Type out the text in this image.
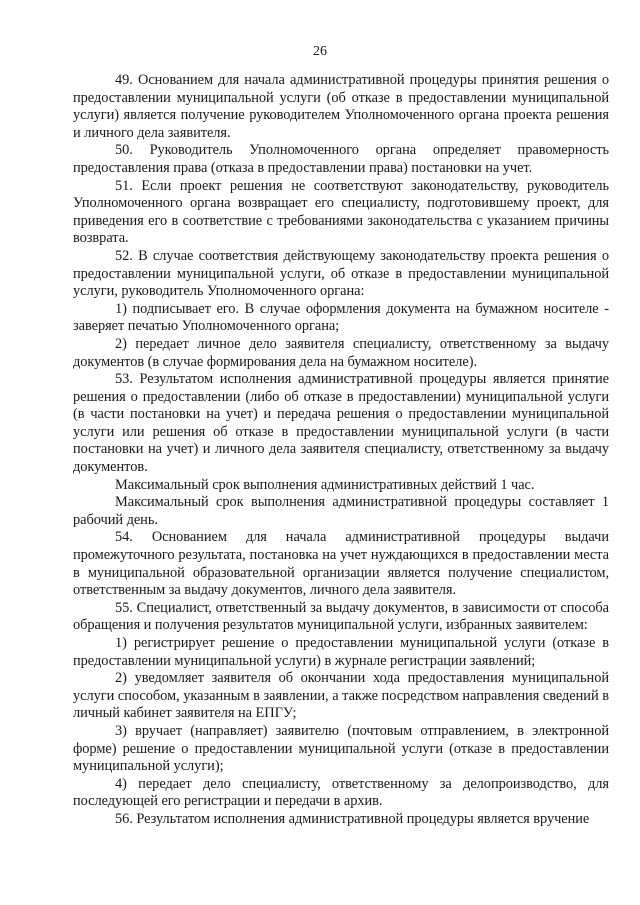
26

49. Основанием для начала административной процедуры принятия решения о предоставлении муниципальной услуги (об отказе в предоставлении муниципальной услуги) является получение руководителем Уполномоченного органа проекта решения и личного дела заявителя.

50. Руководитель Уполномоченного органа определяет правомерность предоставления права (отказа в предоставлении права) постановки на учет.

51. Если проект решения не соответствуют законодательству, руководитель Уполномоченного органа возвращает его специалисту, подготовившему проект, для приведения его в соответствие с требованиями законодательства с указанием причины возврата.

52. В случае соответствия действующему законодательству проекта решения о предоставлении муниципальной услуги, об отказе в предоставлении муниципальной услуги, руководитель Уполномоченного органа:

1) подписывает его. В случае оформления документа на бумажном носителе - заверяет печатью Уполномоченного органа;

2) передает личное дело заявителя специалисту, ответственному за выдачу документов (в случае формирования дела на бумажном носителе).

53. Результатом исполнения административной процедуры является принятие решения о предоставлении (либо об отказе в предоставлении) муниципальной услуги (в части постановки на учет) и передача решения о предоставлении муниципальной услуги или решения об отказе в предоставлении муниципальной услуги (в части постановки на учет) и личного дела заявителя специалисту, ответственному за выдачу документов.

Максимальный срок выполнения административных действий 1 час.

Максимальный срок выполнения административной процедуры составляет 1 рабочий день.

54. Основанием для начала административной процедуры выдачи промежуточного результата, постановка на учет нуждающихся в предоставлении места в муниципальной образовательной организации является получение специалистом, ответственным за выдачу документов, личного дела заявителя.

55. Специалист, ответственный за выдачу документов, в зависимости от способа обращения и получения результатов муниципальной услуги, избранных заявителем:

1) регистрирует решение о предоставлении муниципальной услуги (отказе в предоставлении муниципальной услуги) в журнале регистрации заявлений;

2) уведомляет заявителя об окончании хода предоставления муниципальной услуги способом, указанным в заявлении, а также посредством направления сведений в личный кабинет заявителя на ЕПГУ;

3) вручает (направляет) заявителю (почтовым отправлением, в электронной форме) решение о предоставлении муниципальной услуги (отказе в предоставлении муниципальной услуги);

4) передает дело специалисту, ответственному за делопроизводство, для последующей его регистрации и передачи в архив.

56. Результатом исполнения административной процедуры является вручение
